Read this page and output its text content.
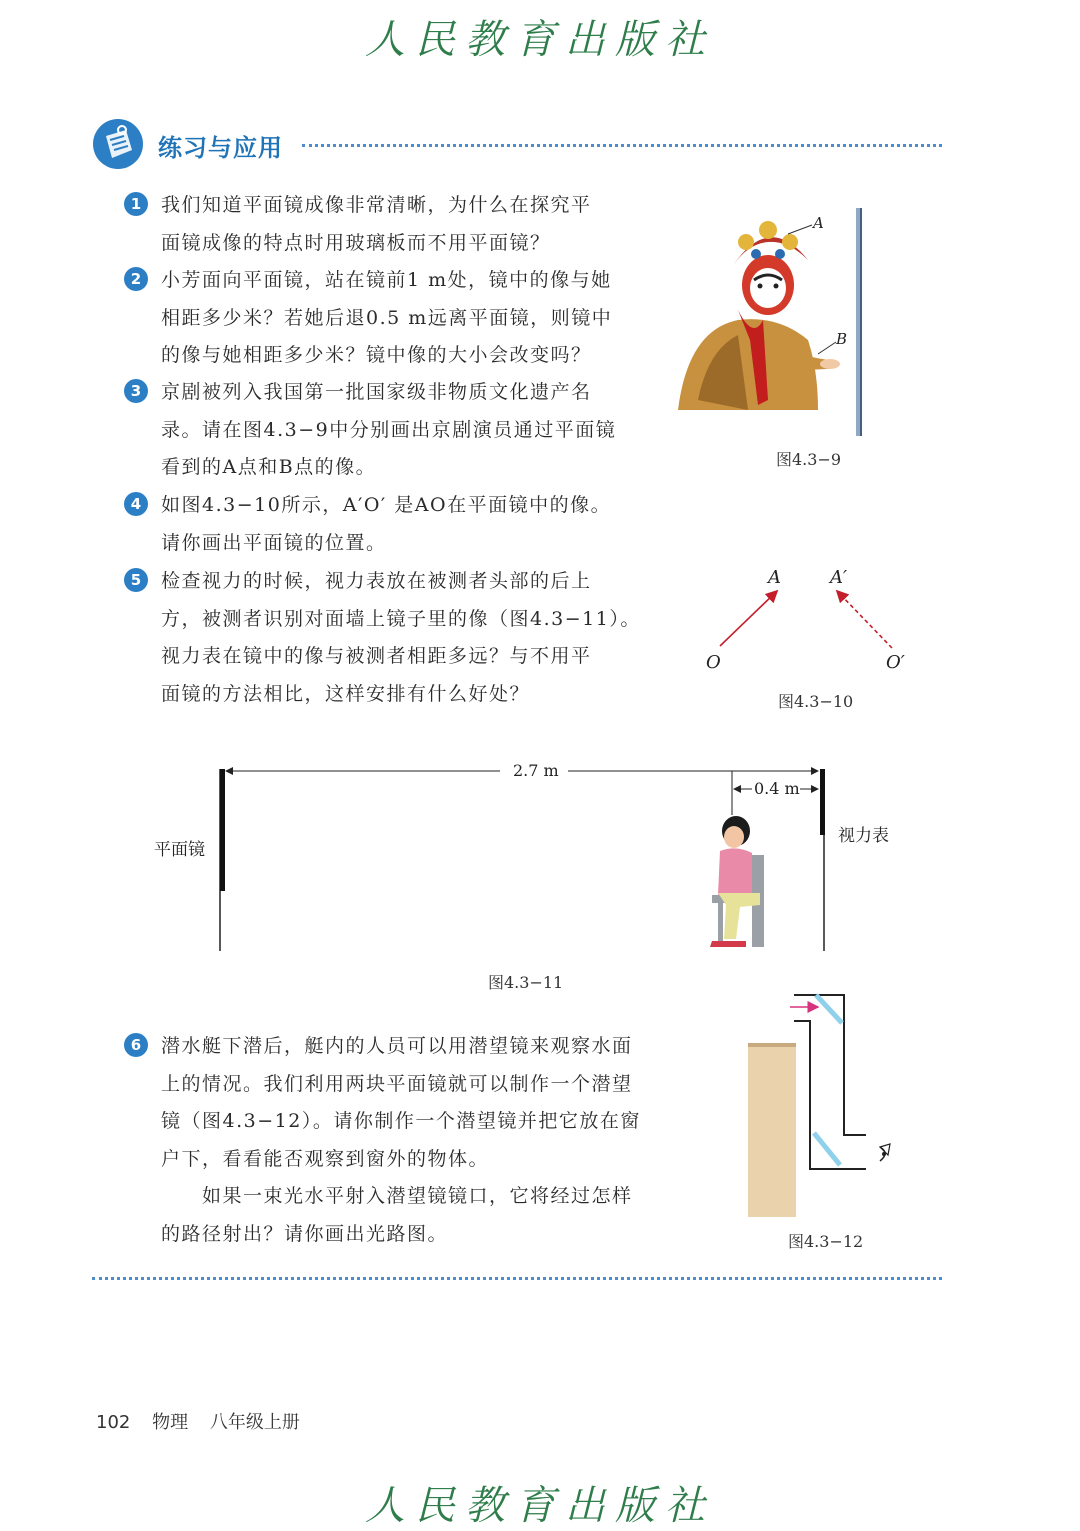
人民教育出版社
练习与应用
1	我们知道平面镜成像非常清晰，为什么在探究平
面镜成像的特点时用玻璃板而不用平面镜？
2	小芳面向平面镜，站在镜前1 m处，镜中的像与她
相距多少米？若她后退0.5 m远离平面镜，则镜中
的像与她相距多少米？镜中像的大小会改变吗？
3	京剧被列入我国第一批国家级非物质文化遗产名
录。请在图4.3−9中分别画出京剧演员通过平面镜
看到的A点和B点的像。
4	如图4.3−10所示，A′O′ 是AO在平面镜中的像。
请你画出平面镜的位置。
5	检查视力的时候，视力表放在被测者头部的后上
方，被测者识别对面墙上镜子里的像（图4.3−11）。
视力表在镜中的像与被测者相距多远？与不用平
面镜的方法相比，这样安排有什么好处？
6	潜水艇下潜后，艇内的人员可以用潜望镜来观察水面
上的情况。我们利用两块平面镜就可以制作一个潜望
镜（图4.3−12）。请你制作一个潜望镜并把它放在窗
户下，看看能否观察到窗外的物体。
　　如果一束光水平射入潜望镜镜口，它将经过怎样
的路径射出？请你画出光路图。
A
B
图4.3−9
A	A′
O	O′
图4.3−10
2.7 m
0.4 m
平面镜
视力表
图4.3−11
图4.3−12
102 物理 八年级上册
人民教育出版社
